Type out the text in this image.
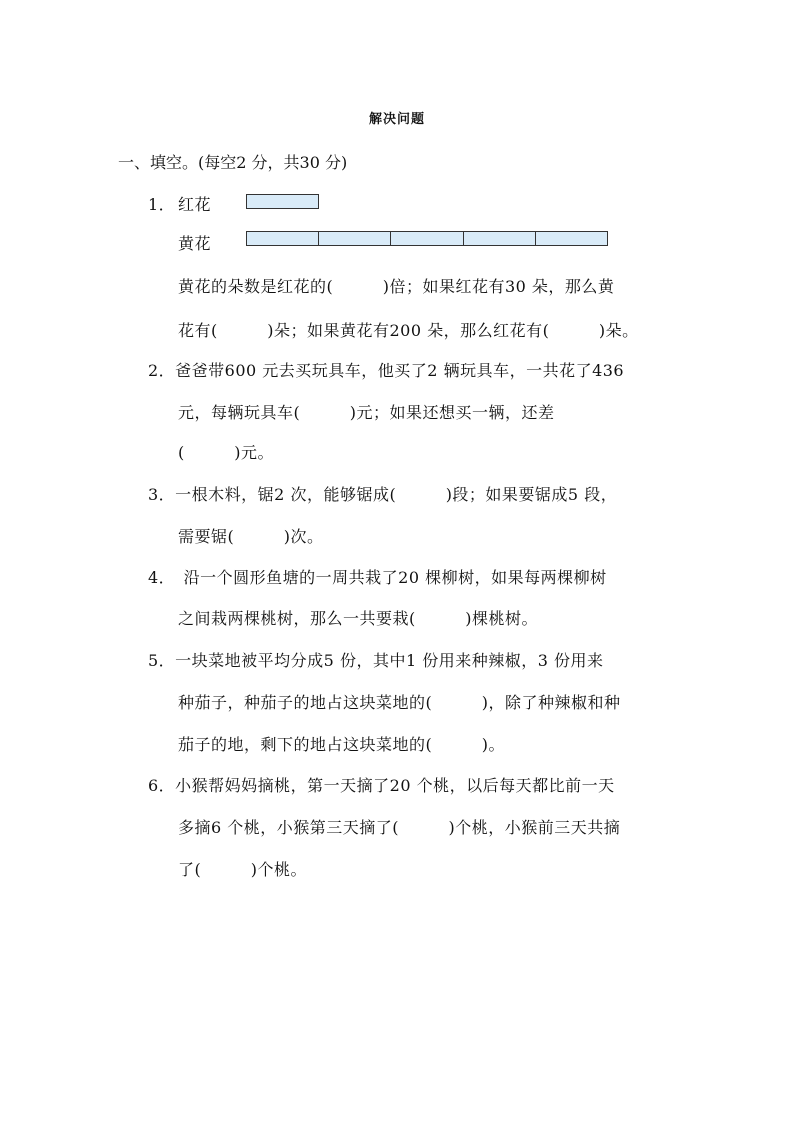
解决问题
一、填空。(每空2 分，共30 分)
1． 红花
黄花
黄花的朵数是红花的(　　　)倍；如果红花有30 朵，那么黄
花有(　　　)朵；如果黄花有200 朵，那么红花有(　　　)朵。
2．爸爸带600 元去买玩具车，他买了2 辆玩具车，一共花了436
元，每辆玩具车(　　　)元；如果还想买一辆，还差
(　　　)元。
3．一根木料，锯2 次，能够锯成(　　　)段；如果要锯成5 段，
需要锯(　　　)次。
4．　沿一个圆形鱼塘的一周共栽了20 棵柳树，如果每两棵柳树
之间栽两棵桃树，那么一共要栽(　　　)棵桃树。
5．一块菜地被平均分成5 份，其中1 份用来种辣椒，3 份用来
种茄子，种茄子的地占这块菜地的(　　　)，除了种辣椒和种
茄子的地，剩下的地占这块菜地的(　　　)。
6．小猴帮妈妈摘桃，第一天摘了20 个桃，以后每天都比前一天
多摘6 个桃，小猴第三天摘了(　　　)个桃，小猴前三天共摘
了(　　　)个桃。
